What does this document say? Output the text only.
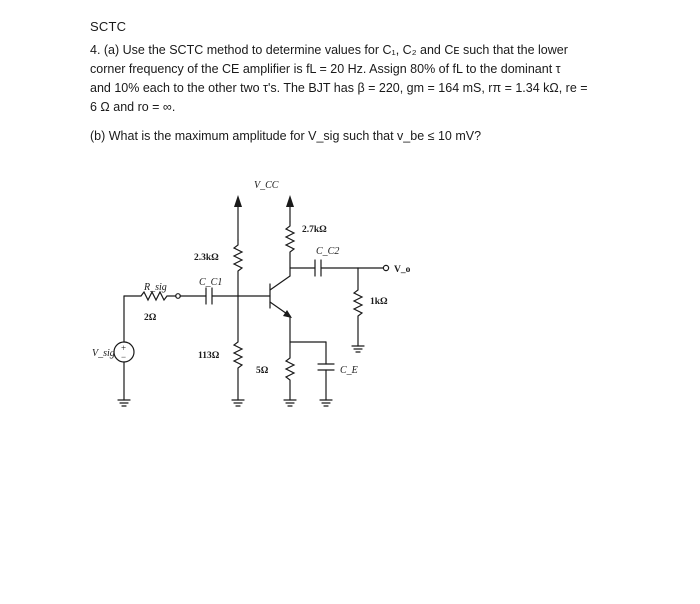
SCTC
4. (a) Use the SCTC method to determine values for C₁, C₂ and Cᴇ such that the lower
corner frequency of the CE amplifier is fL = 20 Hz. Assign 80% of fL to the dominant τ
and 10% each to the other two τ's. The BJT has β = 220, gm = 164 mS, rπ = 1.34 kΩ, re =
6 Ω and ro = ∞.
(b) What is the maximum amplitude for V_sig such that v_be ≤ 10 mV?
V_CC
2.3kΩ
C_C1
R_sig
2Ω
2.7kΩ
C_C2
V_o
1kΩ
113Ω
5Ω	C_E
V_sig +
−
